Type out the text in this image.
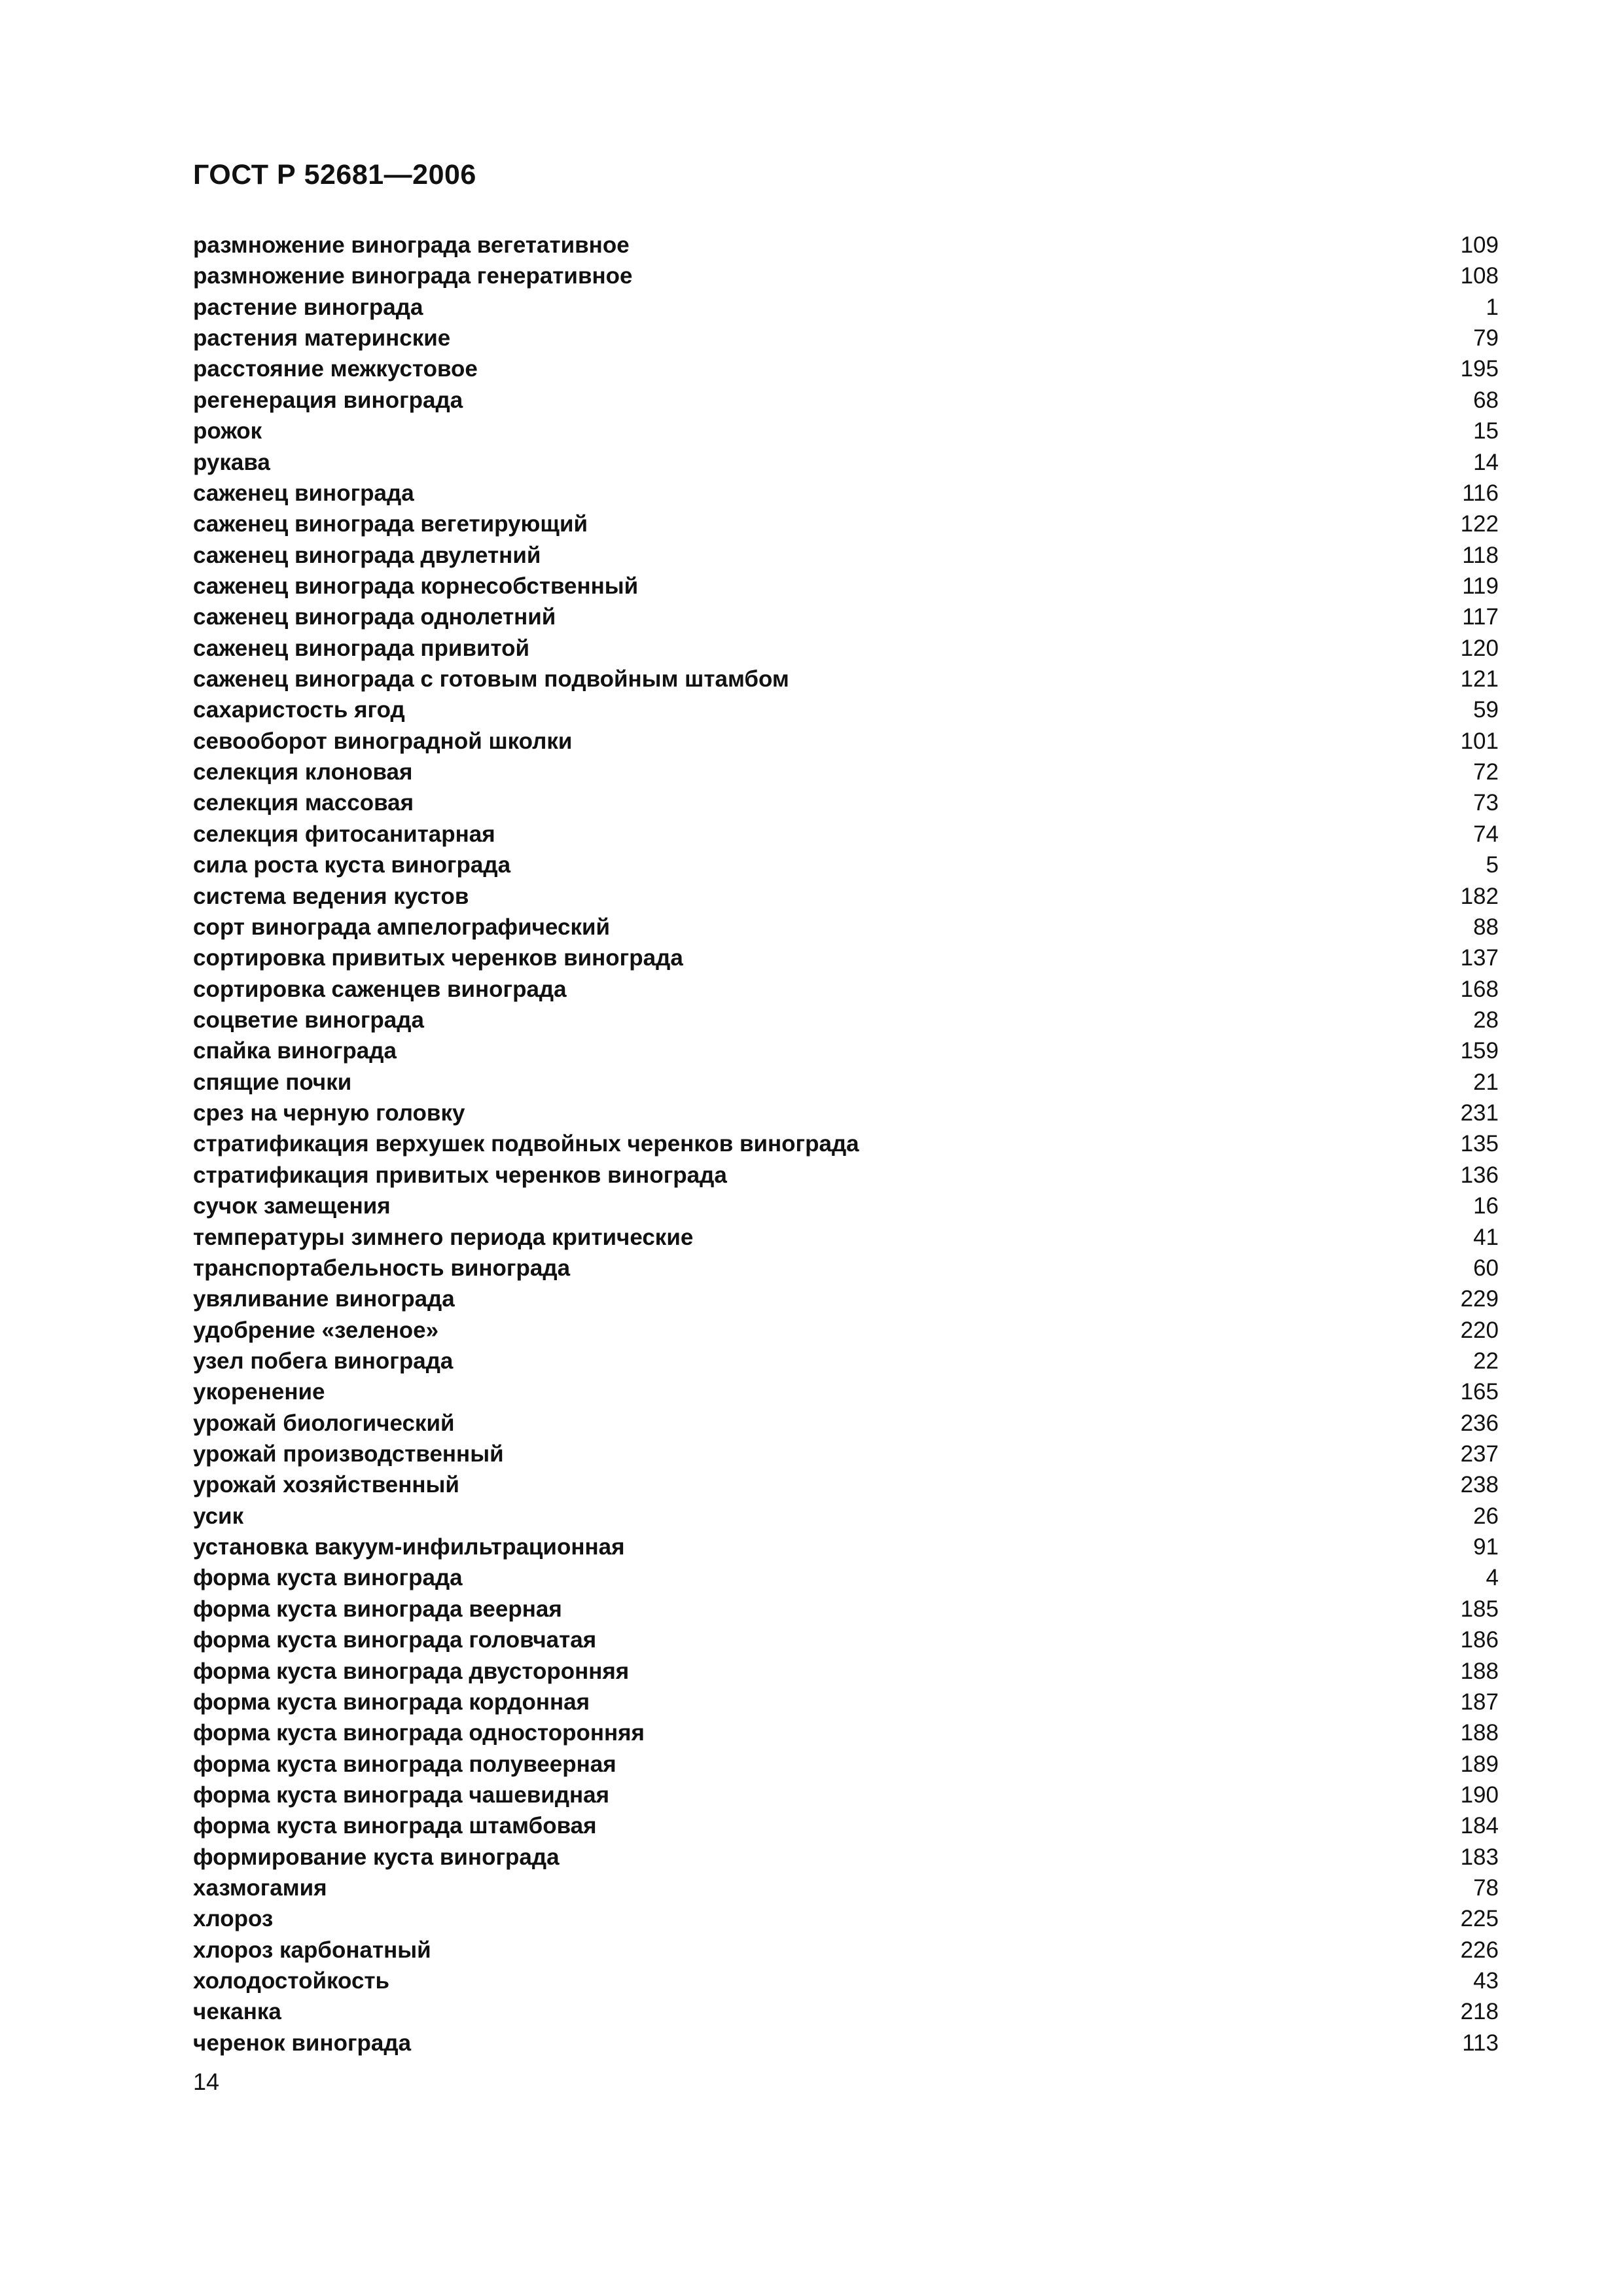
ГОСТ Р 52681—2006
размножение винограда вегетативное	109
размножение винограда генеративное	108
растение винограда	1
растения материнские	79
расстояние межкустовое	195
регенерация винограда	68
рожок	15
рукава	14
саженец винограда	116
саженец винограда вегетирующий	122
саженец винограда двулетний	118
саженец винограда корнесобственный	119
саженец винограда однолетний	117
саженец винограда привитой	120
саженец винограда с готовым подвойным штамбом	121
сахаристость ягод	59
севооборот виноградной школки	101
селекция клоновая	72
селекция массовая	73
селекция фитосанитарная	74
сила роста куста винограда	5
система ведения кустов	182
сорт винограда ампелографический	88
сортировка привитых черенков винограда	137
сортировка саженцев винограда	168
соцветие винограда	28
спайка винограда	159
спящие почки	21
срез на черную головку	231
стратификация верхушек подвойных черенков винограда	135
стратификация привитых черенков винограда	136
сучок замещения	16
температуры зимнего периода критические	41
транспортабельность винограда	60
увяливание винограда	229
удобрение «зеленое»	220
узел побега винограда	22
укоренение	165
урожай биологический	236
урожай производственный	237
урожай хозяйственный	238
усик	26
установка вакуум-инфильтрационная	91
форма куста винограда	4
форма куста винограда веерная	185
форма куста винограда головчатая	186
форма куста винограда двусторонняя	188
форма куста винограда кордонная	187
форма куста винограда односторонняя	188
форма куста винограда полувеерная	189
форма куста винограда чашевидная	190
форма куста винограда штамбовая	184
формирование куста винограда	183
хазмогамия	78
хлороз	225
хлороз карбонатный	226
холодостойкость	43
чеканка	218
черенок винограда	113
14
